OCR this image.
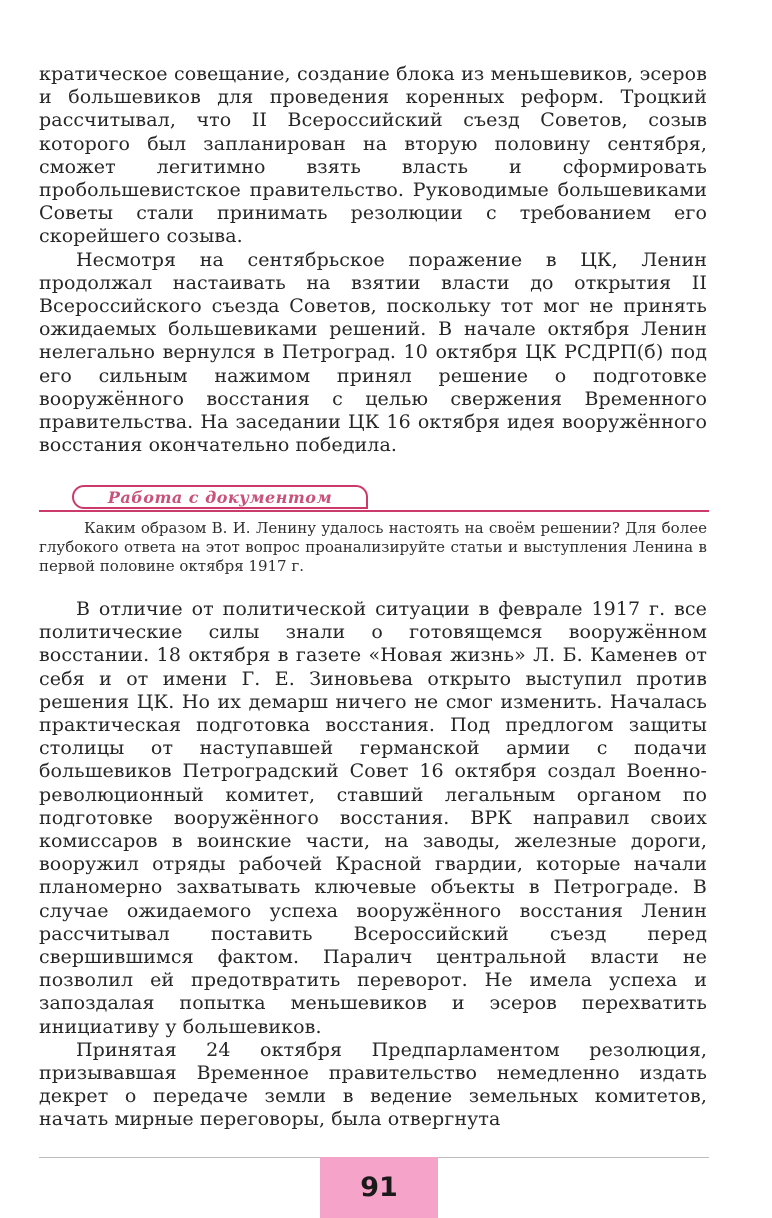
кратическое совещание, создание блока из меньшевиков, эсеров и большевиков для проведения коренных реформ. Троцкий рассчитывал, что II Всероссийский съезд Советов, созыв которого был запланирован на вторую половину сентября, сможет легитимно взять власть и сформировать пробольшевистское правительство. Руководимые большевиками Советы стали принимать резолюции с требованием его скорейшего созыва.

Несмотря на сентябрьское поражение в ЦК, Ленин продолжал настаивать на взятии власти до открытия II Всероссийского съезда Советов, поскольку тот мог не принять ожидаемых большевиками решений. В начале октября Ленин нелегально вернулся в Петроград. 10 октября ЦК РСДРП(б) под его сильным нажимом принял решение о подготовке вооружённого восстания с целью свержения Временного правительства. На заседании ЦК 16 октября идея вооружённого восстания окончательно победила.

Работа с документом

Каким образом В. И. Ленину удалось настоять на своём решении? Для более глубокого ответа на этот вопрос проанализируйте статьи и выступления Ленина в первой половине октября 1917 г.

В отличие от политической ситуации в феврале 1917 г. все политические силы знали о готовящемся вооружённом восстании. 18 октября в газете «Новая жизнь» Л. Б. Каменев от себя и от имени Г. Е. Зиновьева открыто выступил против решения ЦК. Но их демарш ничего не смог изменить. Началась практическая подготовка восстания. Под предлогом защиты столицы от наступавшей германской армии с подачи большевиков Петроградский Совет 16 октября создал Военно-революционный комитет, ставший легальным органом по подготовке вооружённого восстания. ВРК направил своих комиссаров в воинские части, на заводы, железные дороги, вооружил отряды рабочей Красной гвардии, которые начали планомерно захватывать ключевые объекты в Петрограде. В случае ожидаемого успеха вооружённого восстания Ленин рассчитывал поставить Всероссийский съезд перед свершившимся фактом. Паралич центральной власти не позволил ей предотвратить переворот. Не имела успеха и запоздалая попытка меньшевиков и эсеров перехватить инициативу у большевиков.

Принятая 24 октября Предпарламентом резолюция, призывавшая Временное правительство немедленно издать декрет о передаче земли в ведение земельных комитетов, начать мирные переговоры, была отвергнута

91
